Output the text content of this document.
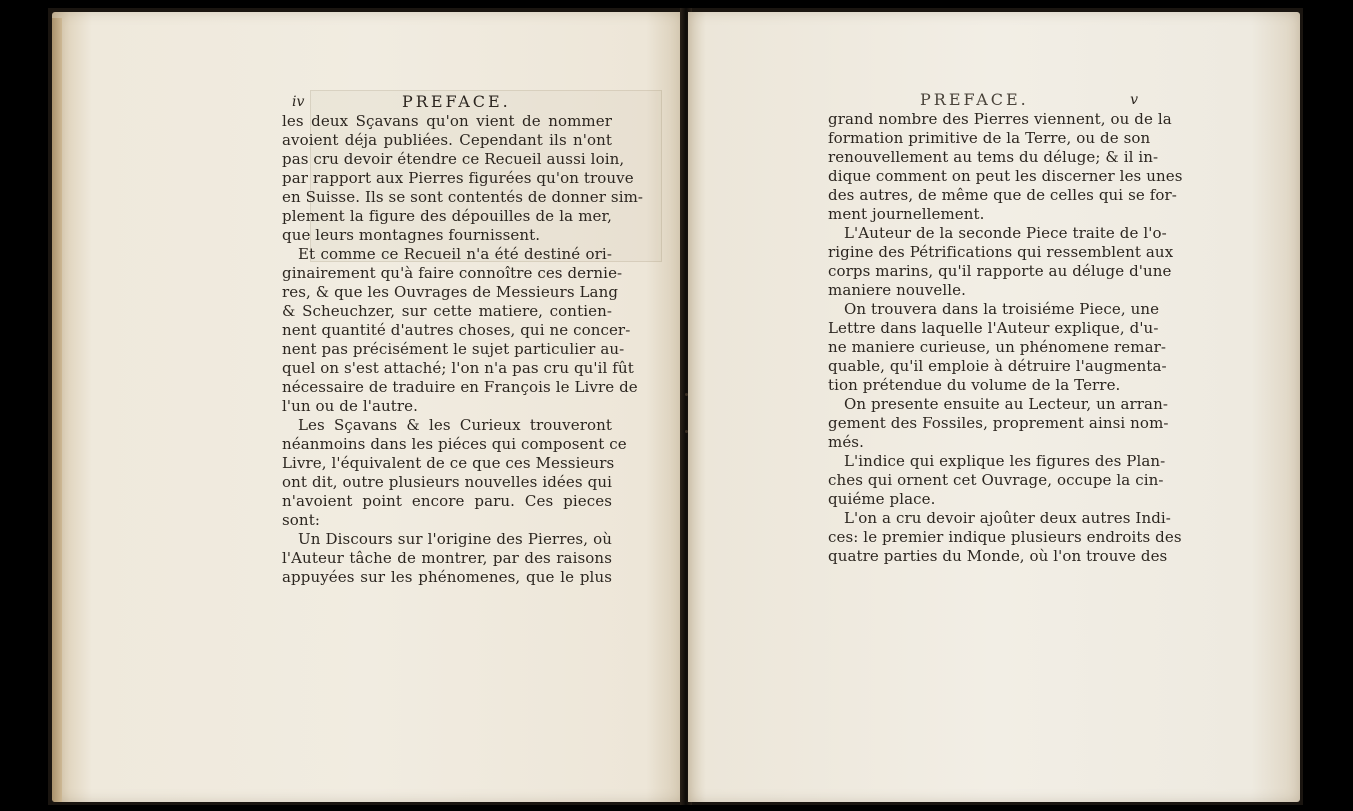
iv	PREFACE.
les deux Sçavans qu'on vient de nommer
avoient déja publiées. Cependant ils n'ont
pas cru devoir étendre ce Recueil aussi loin,
par rapport aux Pierres figurées qu'on trouve
en Suisse. Ils se sont contentés de donner sim-
plement la figure des dépouilles de la mer,
que leurs montagnes fournissent.
Et comme ce Recueil n'a été destiné ori-
ginairement qu'à faire connoître ces dernie-
res, & que les Ouvrages de Messieurs Lang
& Scheuchzer, sur cette matiere, contien-
nent quantité d'autres choses, qui ne concer-
nent pas précisément le sujet particulier au-
quel on s'est attaché; l'on n'a pas cru qu'il fût
nécessaire de traduire en François le Livre de
l'un ou de l'autre.
Les Sçavans & les Curieux trouveront
néanmoins dans les piéces qui composent ce
Livre, l'équivalent de ce que ces Messieurs
ont dit, outre plusieurs nouvelles idées qui
n'avoient point encore paru. Ces pieces
sont:
Un Discours sur l'origine des Pierres, où
l'Auteur tâche de montrer, par des raisons
appuyées sur les phénomenes, que le plus
PREFACE.	v
grand nombre des Pierres viennent, ou de la
formation primitive de la Terre, ou de son
renouvellement au tems du déluge; & il in-
dique comment on peut les discerner les unes
des autres, de même que de celles qui se for-
ment journellement.
L'Auteur de la seconde Piece traite de l'o-
rigine des Pétrifications qui ressemblent aux
corps marins, qu'il rapporte au déluge d'une
maniere nouvelle.
On trouvera dans la troisiéme Piece, une
Lettre dans laquelle l'Auteur explique, d'u-
ne maniere curieuse, un phénomene remar-
quable, qu'il emploie à détruire l'augmenta-
tion prétendue du volume de la Terre.
On presente ensuite au Lecteur, un arran-
gement des Fossiles, proprement ainsi nom-
més.
L'indice qui explique les figures des Plan-
ches qui ornent cet Ouvrage, occupe la cin-
quiéme place.
L'on a cru devoir ajoûter deux autres Indi-
ces: le premier indique plusieurs endroits des
quatre parties du Monde, où l'on trouve des
